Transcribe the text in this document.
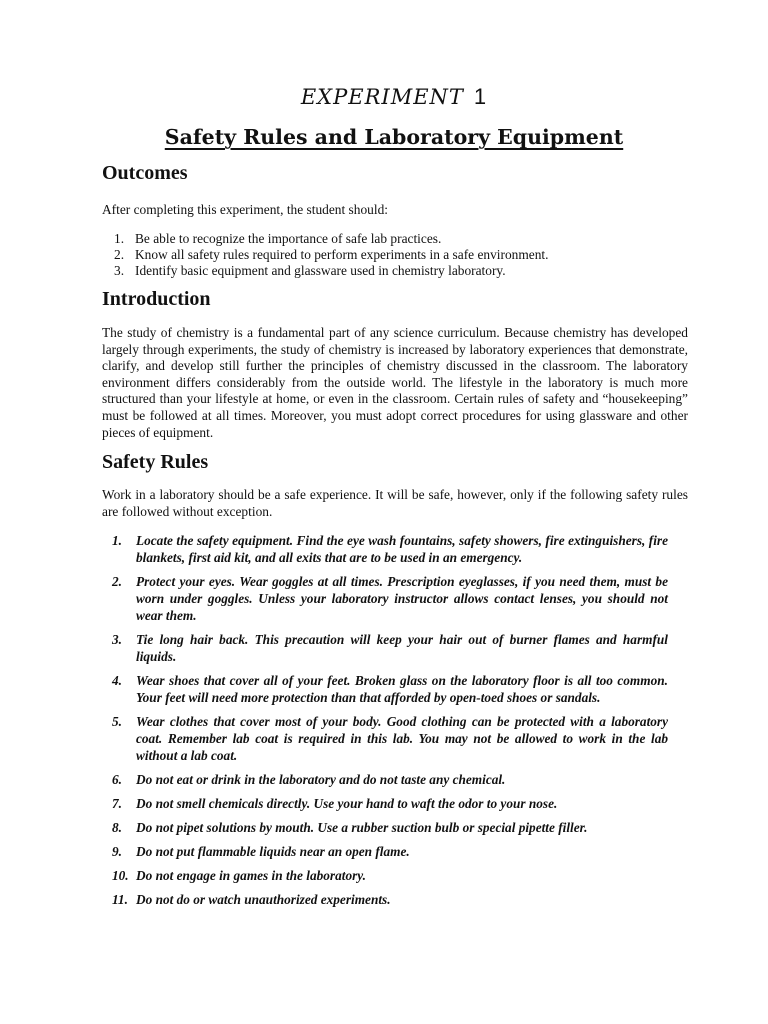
EXPERIMENT 1
Safety Rules and Laboratory Equipment
Outcomes
After completing this experiment, the student should:
1. Be able to recognize the importance of safe lab practices.
2. Know all safety rules required to perform experiments in a safe environment.
3. Identify basic equipment and glassware used in chemistry laboratory.
Introduction
The study of chemistry is a fundamental part of any science curriculum. Because chemistry has developed largely through experiments, the study of chemistry is increased by laboratory experiences that demonstrate, clarify, and develop still further the principles of chemistry discussed in the classroom. The laboratory environment differs considerably from the outside world. The lifestyle in the laboratory is much more structured than your lifestyle at home, or even in the classroom. Certain rules of safety and “housekeeping” must be followed at all times. Moreover, you must adopt correct procedures for using glassware and other pieces of equipment.
Safety Rules
Work in a laboratory should be a safe experience. It will be safe, however, only if the following safety rules are followed without exception.
1.	Locate the safety equipment. Find the eye wash fountains, safety showers, fire extinguishers, fire blankets, first aid kit, and all exits that are to be used in an emergency.
2.	Protect your eyes. Wear goggles at all times. Prescription eyeglasses, if you need them, must be worn under goggles. Unless your laboratory instructor allows contact lenses, you should not wear them.
3.	Tie long hair back. This precaution will keep your hair out of burner flames and harmful liquids.
4.	Wear shoes that cover all of your feet. Broken glass on the laboratory floor is all too common. Your feet will need more protection than that afforded by open-toed shoes or sandals.
5.	Wear clothes that cover most of your body. Good clothing can be protected with a laboratory coat. Remember lab coat is required in this lab. You may not be allowed to work in the lab without a lab coat.
6.	Do not eat or drink in the laboratory and do not taste any chemical.
7.	Do not smell chemicals directly. Use your hand to waft the odor to your nose.
8.	Do not pipet solutions by mouth. Use a rubber suction bulb or special pipette filler.
9.	Do not put flammable liquids near an open flame.
10. Do not engage in games in the laboratory.
11. Do not do or watch unauthorized experiments.
